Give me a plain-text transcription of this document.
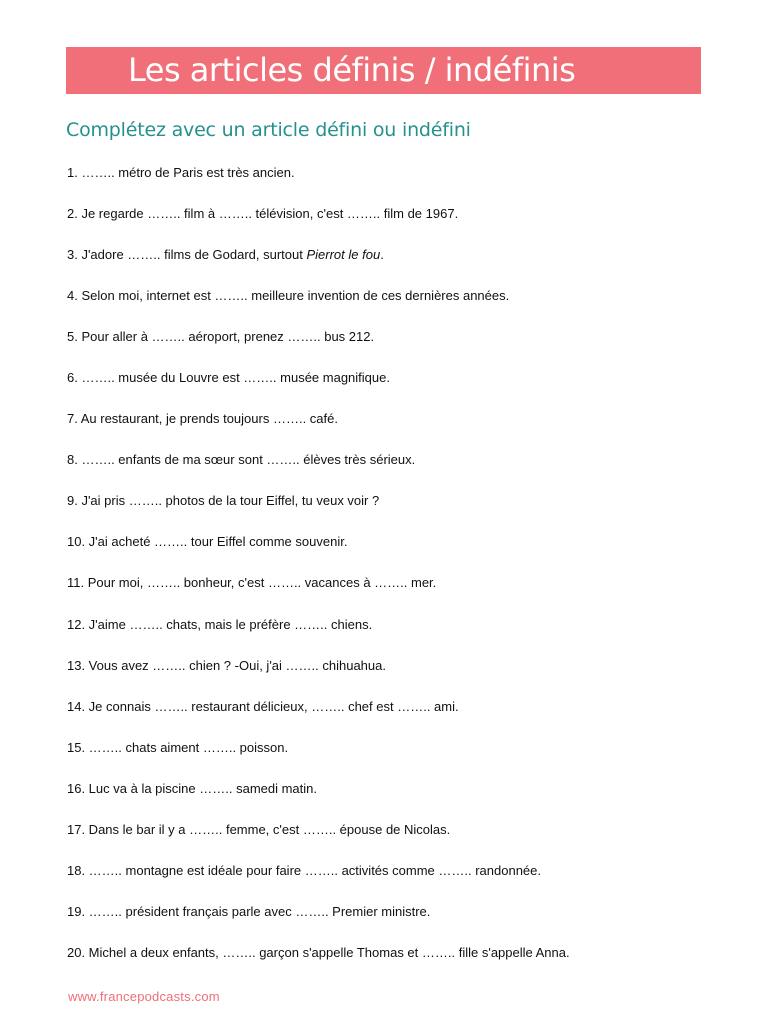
Les articles définis / indéfinis
Complétez avec un article défini ou indéfini
1. …….. métro de Paris est très ancien.
2. Je regarde …….. film à …….. télévision, c'est …….. film de 1967.
3. J'adore …….. films de Godard, surtout Pierrot le fou.
4. Selon moi, internet est …….. meilleure invention de ces dernières années.
5. Pour aller à …….. aéroport, prenez …….. bus 212.
6. …….. musée du Louvre est …….. musée magnifique.
7. Au restaurant, je prends toujours …….. café.
8. …….. enfants de ma sœur sont …….. élèves très sérieux.
9. J'ai pris …….. photos de la tour Eiffel, tu veux voir ?
10. J'ai acheté …….. tour Eiffel comme souvenir.
11. Pour moi, …….. bonheur, c'est …….. vacances à …….. mer.
12. J'aime …….. chats, mais le préfère …….. chiens.
13. Vous avez …….. chien ? -Oui, j'ai …….. chihuahua.
14. Je connais …….. restaurant délicieux, …….. chef est …….. ami.
15. …….. chats aiment …….. poisson.
16. Luc va à la piscine …….. samedi matin.
17. Dans le bar il y a …….. femme, c'est …….. épouse de Nicolas.
18. …….. montagne est idéale pour faire …….. activités comme …….. randonnée.
19. …….. président français parle avec …….. Premier ministre.
20. Michel a deux enfants, …….. garçon s'appelle Thomas et …….. fille s'appelle Anna.
www.francepodcasts.com
